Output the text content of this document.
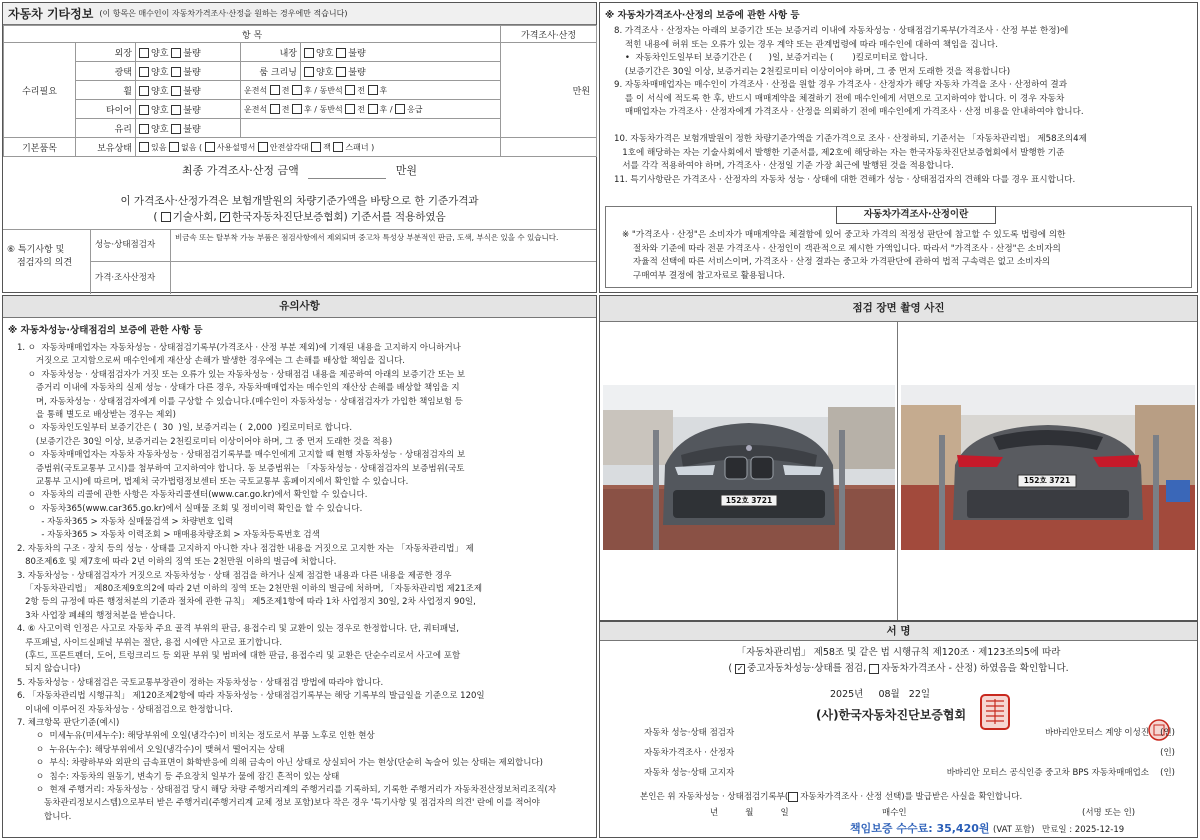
자동차 기타정보 (이 항목은 매수인이 자동차가격조사·산정을 원하는 경우에만 적습니다)
항 목					가격조사·산정
수리필요	외장	양호 불량	내장	양호 불량	만원
	광택	양호 불량	룸 크리닝	양호 불량	
	휠	양호 불량	운전석 전 후 / 동반석 전 후		
	타이어	양호 불량	운전석 전 후 / 동반석 전 후 / 응급		
	유리	양호 불량			
기본품목	보유상태	있음 없음 ( 사용설명서 안전삼각대 잭 스패너 )			
최종 가격조사·산정 금액	만원
이 가격조사·산정가격은 보험개발원의 차량기준가액을 바탕으로 한 기준가격과
( 기술사회, ✓ 한국자동차진단보증협회) 기준서를 적용하였음
⑥ 특기사항 및
점검자의 의견
성능·상태점검자
비금속 또는 탈부착 가능 부품은 점검사항에서 제외되며 중고차 특성상 부분적인 판금, 도색, 부식은 있을 수 있습니다.
가격·조사산정자
※ 자동차가격조사·산정의 보증에 관한 사항 등
8. 가격조사 · 산정자는 아래의 보증기간 또는 보증거리 이내에 자동차성능 · 상태점검기록부(가격조사 · 산정 부분 한정)에
적힌 내용에 허위 또는 오류가 있는 경우 계약 또는 관계법령에 따라 매수인에 대하여 책임을 집니다.
•  자동차인도일부터 보증기간은 (      )일, 보증거리는 (       )킬로미터로 합니다.
(보증기간은 30일 이상, 보증거리는 2천킬로미터 이상이어야 하며, 그 중 먼저 도래한 것을 적용합니다)
9. 자동차매매업자는 매수인이 가격조사 · 산정을 원할 경우 가격조사 · 산정자가 해당 자동차 가격을 조사 · 산정하여 결과
를 이 서식에 적도록 한 후, 반드시 매매계약을 체결하기 전에 매수인에게 서면으로 고지하여야 합니다. 이 경우 자동차
매매업자는 가격조사 · 산정자에게 가격조사 · 산정을 의뢰하기 전에 매수인에게 가격조사 · 산정 비용을 안내하여야 합니다.
10. 자동차가격은 보험개발원이 정한 차량기준가액을 기준가격으로 조사 · 산정하되, 기준서는 「자동차관리법」 제58조의4제
1호에 해당하는 자는 기술사회에서 발행한 기준서를, 제2호에 해당하는 자는 한국자동차진단보증협회에서 발행한 기준
서를 각각 적용하여야 하며, 가격조사 · 산정일 기준 가장 최근에 발행된 것을 적용합니다.
11. 특기사항란은 가격조사 · 산정자의 자동차 성능 · 상태에 대한 견해가 성능 · 상태점검자의 견해와 다를 경우 표시합니다.
자동차가격조사·산정이란
※ "가격조사 · 산정"은 소비자가 매매계약을 체결함에 있어 중고차 가격의 적정성 판단에 참고할 수 있도록 법령에 의한
절차와 기준에 따라 전문 가격조사 · 산정인이 객관적으로 제시한 가액입니다. 따라서 "가격조사 · 산정"은 소비자의
자율적 선택에 따른 서비스이며, 가격조사 · 산정 결과는 중고차 가격판단에 관하여 법적 구속력은 없고 소비자의
구매여부 결정에 참고자료로 활용됩니다.
유의사항
※ 자동차성능·상태점검의 보증에 관한 사항 등
1. ㅇ  자동차매매업자는 자동차성능 · 상태점검기록부(가격조사 · 산정 부분 제외)에 기재된 내용을 고지하지 아니하거나
거짓으로 고지함으로써 매수인에게 재산상 손해가 발생한 경우에는 그 손해를 배상할 책임을 집니다.
ㅇ  자동차성능 · 상태점검자가 거짓 또는 오류가 있는 자동차성능 · 상태점검 내용을 제공하여 아래의 보증기간 또는 보
증거리 이내에 자동차의 실제 성능 · 상태가 다른 경우, 자동차매매업자는 매수인의 재산상 손해를 배상할 책임을 지
며, 자동차성능 · 상태점검자에게 이를 구상할 수 있습니다.(매수인이 자동차성능 · 상태점검자가 가입한 책임보험 등
을 통해 별도로 배상받는 경우는 제외)
ㅇ  자동차인도일부터 보증기간은 (  30  )일, 보증거리는 (  2,000  )킬로미터로 합니다.
(보증기간은 30일 이상, 보증거리는 2천킬로미터 이상이어야 하며, 그 중 먼저 도래한 것을 적용)
ㅇ  자동차매매업자는 자동차 자동차성능 · 상태점검기록부를 매수인에게 고지할 때 현행 자동차성능 · 상태점검자의 보
증범위(국토교통부 고시)를 첨부하여 고지하여야 합니다. 동 보증범위는 「자동차성능 · 상태점검자의 보증범위(국토
교통부 고시)에 따르며, 법제처 국가법령정보센터 또는 국토교통부 홈페이지에서 확인할 수 있습니다.
ㅇ  자동차의 리콜에 관한 사항은 자동차리콜센터(www.car.go.kr)에서 확인할 수 있습니다.
ㅇ  자동차365(www.car365.go.kr)에서 실매물 조회 및 정비이력 확인을 할 수 있습니다.
- 자동차365 > 자동차 실매물검색 > 차량번호 입력
- 자동차365 > 자동차 이력조회 > 매매용차량조회 > 자동차등록번호 검색
2. 자동차의 구조 · 장치 등의 성능 · 상태를 고지하지 아니한 자나 점검한 내용을 거짓으로 고지한 자는 「자동차관리법」 제
80조제6호 및 제7호에 따라 2년 이하의 징역 또는 2천만원 이하의 벌금에 처합니다.
3. 자동차성능 · 상태점검자가 거짓으로 자동차성능 · 상태 점검을 하거나 실제 점검한 내용과 다른 내용을 제공한 경우
「자동차관리법」 제80조제9호의2에 따라 2년 이하의 징역 또는 2천만원 이하의 벌금에 처하며, 「자동차관리법 제21조제
2항 등의 규정에 따른 행정처분의 기준과 절차에 관한 규칙」 제5조제1항에 따라 1차 사업정지 30일, 2차 사업정지 90일,
3차 사업장 폐쇄의 행정처분을 받습니다.
4. ⑥ 사고이력 인정은 사고로 자동차 주요 골격 부위의 판금, 용접수리 및 교환이 있는 경우로 한정합니다. 단, 쿼터패널,
루프패널, 사이드실패널 부위는 절단, 용접 시에만 사고로 표기합니다.
(후드, 프론트펜더, 도어, 트렁크리드 등 외판 부위 및 범퍼에 대한 판금, 용접수리 및 교환은 단순수리로서 사고에 포함
되지 않습니다)
5. 자동차성능 · 상태점검은 국토교통부장관이 정하는 자동차성능 · 상태점검 방법에 따라야 합니다.
6. 「자동차관리법 시행규칙」 제120조제2항에 따라 자동차성능 · 상태점검기록부는 해당 기록부의 발급일을 기준으로 120일
이내에 이루어진 자동차성능 · 상태점검으로 한정합니다.
7. 체크항목 판단기준(예시)
ㅇ  미세누유(미세누수): 해당부위에 오일(냉각수)이 비치는 정도로서 부품 노후로 인한 현상
ㅇ  누유(누수): 해당부위에서 오일(냉각수)이 맺혀서 떨어지는 상태
ㅇ  부식: 차량하부와 외판의 금속표면이 화학반응에 의해 금속이 아닌 상태로 상실되어 가는 현상(단순히 녹슬어 있는 상태는 제외합니다)
ㅇ  침수: 자동차의 원동기, 변속기 등 주요장치 일부가 물에 잠긴 흔적이 있는 상태
ㅇ  현재 주행거리: 자동차성능 · 상태점검 당시 해당 차량 주행거리계의 주행거리를 기록하되, 기록한 주행거리가 자동차전산정보처리조직(자
동차관리정보시스템)으로부터 받은 주행거리(주행거리계 교체 정보 포함)보다 작은 경우 '특기사항 및 점검자의 의견' 란에 이를 적어야
합니다.
점검 장면 촬영 사진
152호 3721
152호 3721
서 명
「자동차관리법」 제58조 및 같은 법 시행규칙 제120조 · 제123조의5에 따라
( ✓ 중고자동차성능·상태를 점검, 자동차가격조사 - 산정) 하였음을 확인합니다.
2025년 08월 22일
(사)한국자동차진단보증협회
자동차 성능·상태 점검자	바바리안모터스 계양 이성진 (인)
자동차가격조사 · 산정자	(인)
자동차 성능·상태 고지자	바바리안 모터스 공식인증 중고차 BPS 자동차매매업소 (인)
본인은 위 자동차성능 · 상태점검기록부( 자동차가격조사 · 산정 선택)를 발급받은 사실을 확인합니다.
년          월          일	매수인	(서명 또는 인)
책임보증 수수료: 35,420원 (VAT 포함) 만료일 : 2025-12-19
